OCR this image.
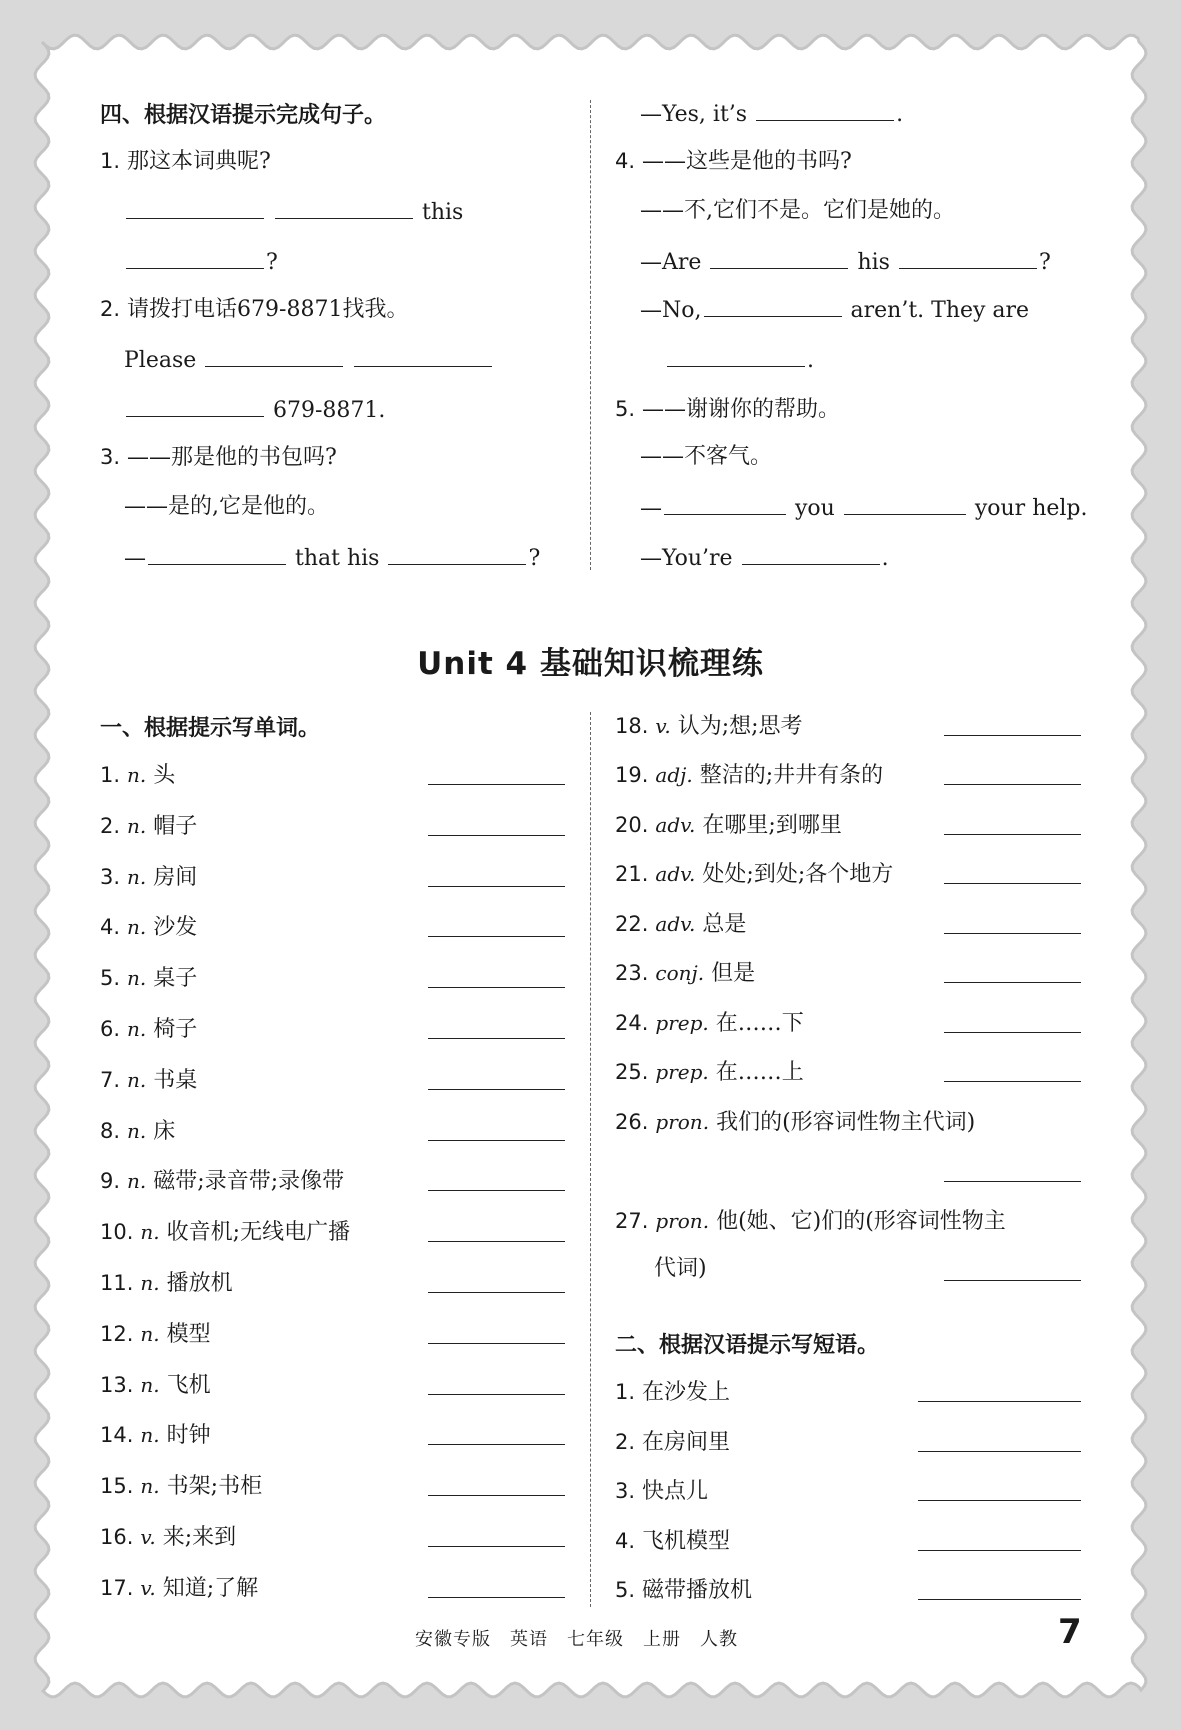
四、根据汉语提示完成句子。
1. 那这本词典呢?
this
?
2. 请拨打电话679-8871找我。
Please
679-8871.
3. ——那是他的书包吗?
——是的,它是他的。
—	that his	?
—Yes, it’s	.
4. ——这些是他的书吗?
——不,它们不是。它们是她的。
—Are	his	?
—No,	aren’t. They are
.
5. ——谢谢你的帮助。
——不客气。
—	you	your help.
—You’re	.
Unit 4 基础知识梳理练
一、根据提示写单词。
1. n. 头
2. n. 帽子
3. n. 房间
4. n. 沙发
5. n. 桌子
6. n. 椅子
7. n. 书桌
8. n. 床
9. n. 磁带;录音带;录像带
10. n. 收音机;无线电广播
11. n. 播放机
12. n. 模型
13. n. 飞机
14. n. 时钟
15. n. 书架;书柜
16. v. 来;来到
17. v. 知道;了解
18. v. 认为;想;思考
19. adj. 整洁的;井井有条的
20. adv. 在哪里;到哪里
21. adv. 处处;到处;各个地方
22. adv. 总是
23. conj. 但是
24. prep. 在……下
25. prep. 在……上
26. pron. 我们的(形容词性物主代词)
27. pron. 他(她、它)们的(形容词性物主
代词)
二、根据汉语提示写短语。
1. 在沙发上
2. 在房间里
3. 快点儿
4. 飞机模型
5. 磁带播放机
安徽专版　英语　七年级　上册　人教	7
